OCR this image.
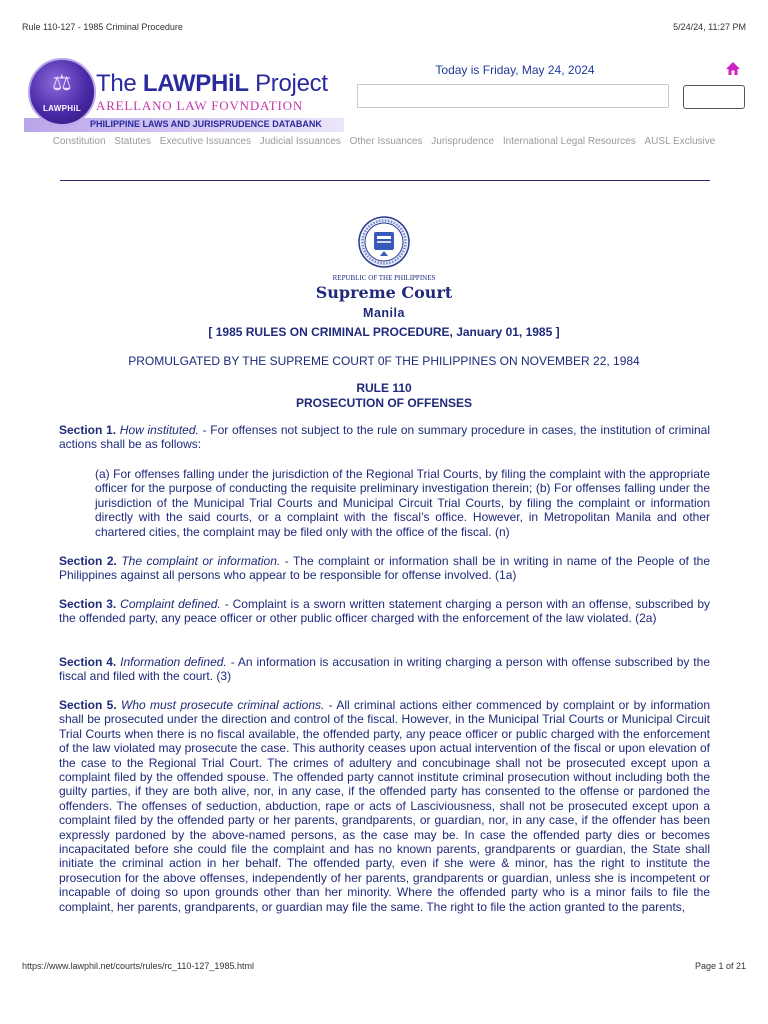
Rule 110-127 - 1985 Criminal Procedure	5/24/24, 11:27 PM
PHILIPPINE LAWS AND JURISPRUDENCE DATABANK
⚖
LAWPHiL
The LAWPHiL Project
ARELLANO LAW FOVNDATION
Today is Friday, May 24, 2024
Constitution Statutes Executive Issuances Judicial Issuances Other Issuances Jurisprudence International Legal Resources AUSL Exclusive
REPUBLIC OF THE PHILIPPINES
Supreme Court
Manila
[ 1985 RULES ON CRIMINAL PROCEDURE, January 01, 1985 ]
PROMULGATED BY THE SUPREME COURT 0F THE PHILIPPINES ON NOVEMBER 22, 1984
RULE 110
PROSECUTION OF OFFENSES
Section 1. How instituted. - For offenses not subject to the rule on summary procedure in cases, the institution of criminal actions shall be as follows:
(a) For offenses falling under the jurisdiction of the Regional Trial Courts, by filing the complaint with the appropriate officer for the purpose of conducting the requisite preliminary investigation therein; (b) For offenses falling under the jurisdiction of the Municipal Trial Courts and Municipal Circuit Trial Courts, by filing the complaint or information directly with the said courts, or a complaint with the fiscal’s office. However, in Metropolitan Manila and other chartered cities, the complaint may be filed only with the office of the fiscal. (n)
Section 2. The complaint or information. - The complaint or information shall be in writing in name of the People of the Philippines against all persons who appear to be responsible for offense involved. (1a)
Section 3. Complaint defined. - Complaint is a sworn written statement charging a person with an offense, subscribed by the offended party, any peace officer or other public officer charged with the enforcement of the law violated. (2a)
Section 4. Information defined. - An information is accusation in writing charging a person with offense subscribed by the fiscal and filed with the court. (3)
Section 5. Who must prosecute criminal actions. - All criminal actions either commenced by complaint or by information shall be prosecuted under the direction and control of the fiscal. However, in the Municipal Trial Courts or Municipal Circuit Trial Courts when there is no fiscal available, the offended party, any peace officer or public charged with the enforcement of the law violated may prosecute the case. This authority ceases upon actual intervention of the fiscal or upon elevation of the case to the Regional Trial Court. The crimes of adultery and concubinage shall not be prosecuted except upon a complaint filed by the offended spouse. The offended party cannot institute criminal prosecution without including both the guilty parties, if they are both alive, nor, in any case, if the offended party has consented to the offense or pardoned the offenders. The offenses of seduction, abduction, rape or acts of Lasciviousness, shall not be prosecuted except upon a complaint filed by the offended party or her parents, grandparents, or guardian, nor, in any case, if the offender has been expressly pardoned by the above-named persons, as the case may be. In case the offended party dies or becomes incapacitated before she could file the complaint and has no known parents, grandparents or guardian, the State shall initiate the criminal action in her behalf. The offended party, even if she were & minor, has the right to institute the prosecution for the above offenses, independently of her parents, grandparents or guardian, unless she is incompetent or incapable of doing so upon grounds other than her minority. Where the offended party who is a minor fails to file the complaint, her parents, grandparents, or guardian may file the same. The right to file the action granted to the parents,
https://www.lawphil.net/courts/rules/rc_110-127_1985.html	Page 1 of 21
